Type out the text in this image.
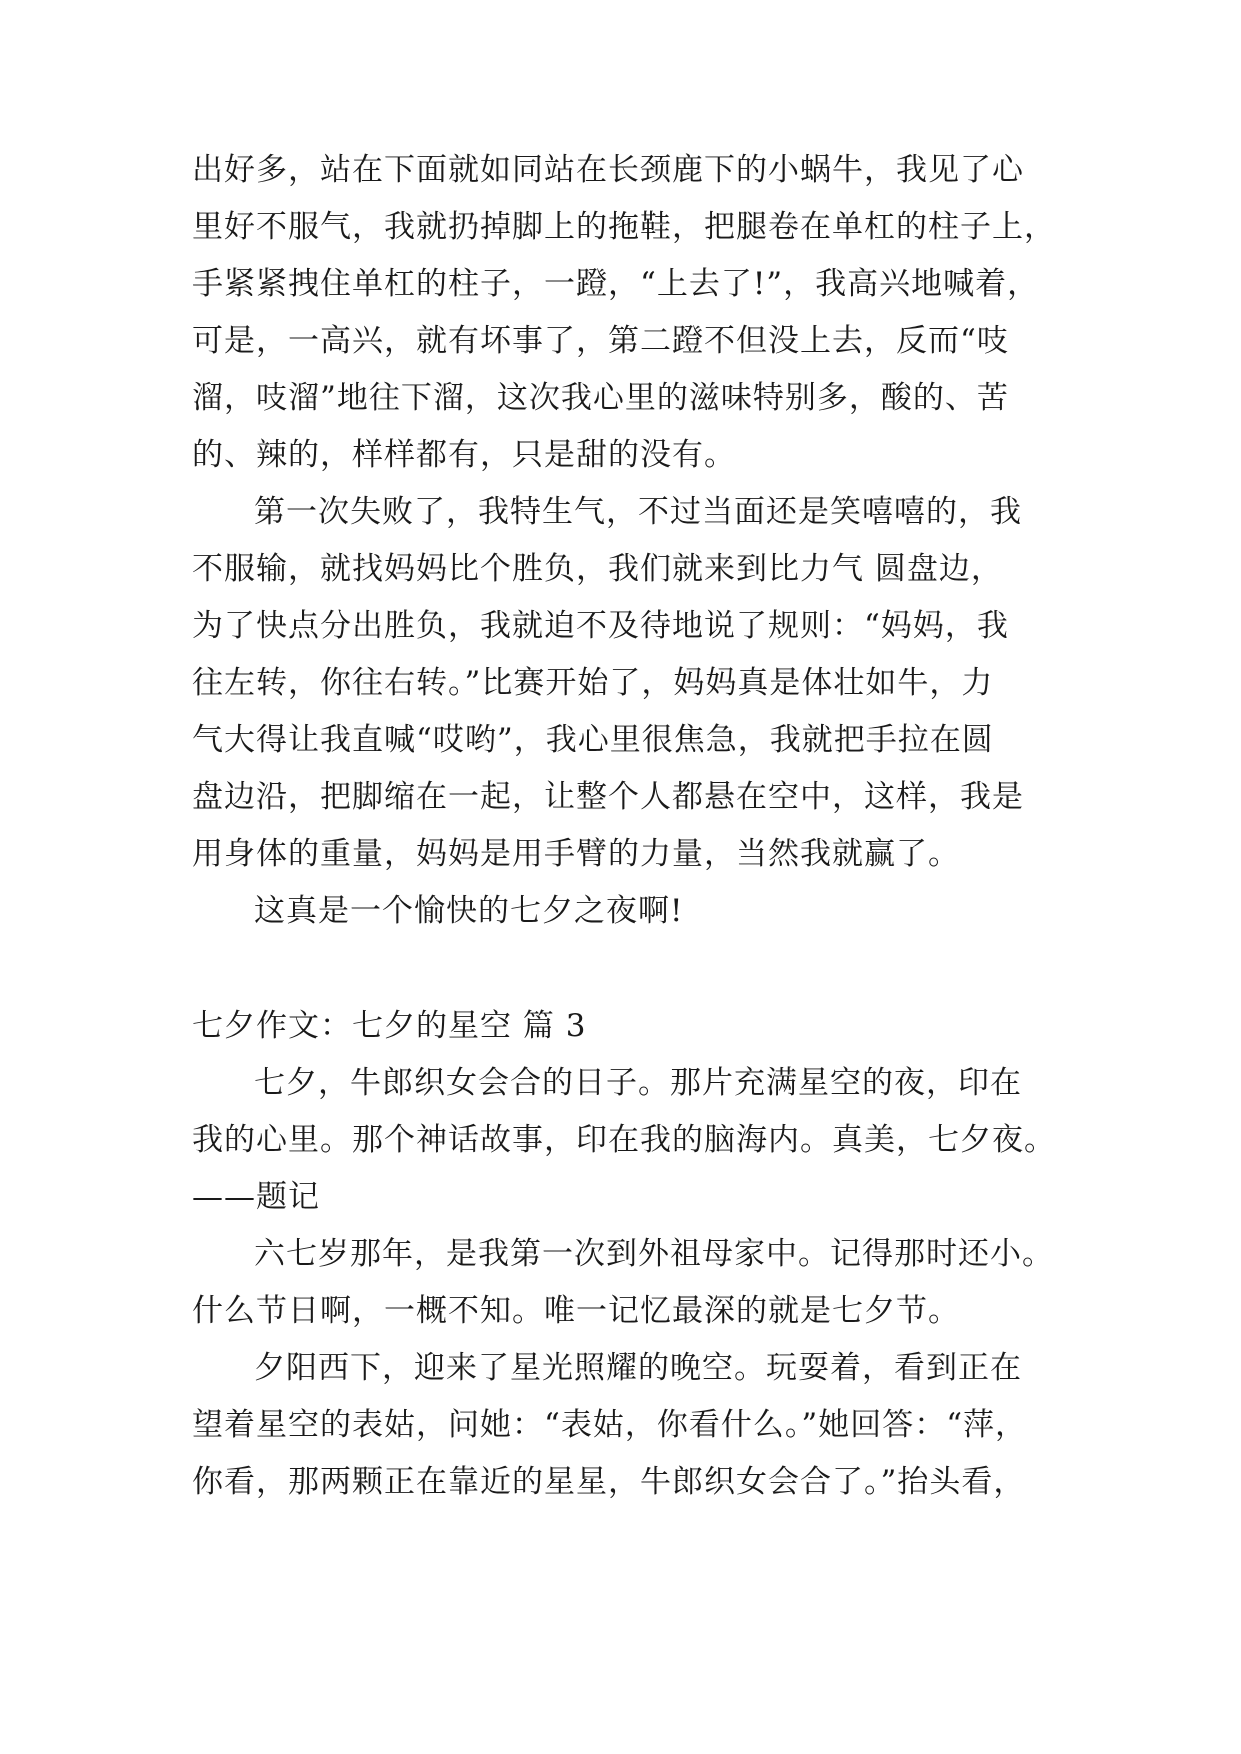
出好多，站在下面就如同站在长颈鹿下的小蜗牛，我见了心
里好不服气，我就扔掉脚上的拖鞋，把腿卷在单杠的柱子上，
手紧紧拽住单杠的柱子，一蹬，“上去了!”，我高兴地喊着，
可是，一高兴，就有坏事了，第二蹬不但没上去，反而“吱
溜，吱溜”地往下溜，这次我心里的滋味特别多，酸的、苦
的、辣的，样样都有，只是甜的没有。
第一次失败了，我特生气，不过当面还是笑嘻嘻的，我
不服输，就找妈妈比个胜负，我们就来到比力气 圆盘边，
为了快点分出胜负，我就迫不及待地说了规则：“妈妈，我
往左转，你往右转。”比赛开始了，妈妈真是体壮如牛，力
气大得让我直喊“哎哟”，我心里很焦急，我就把手拉在圆
盘边沿，把脚缩在一起，让整个人都悬在空中，这样，我是
用身体的重量，妈妈是用手臂的力量，当然我就赢了。
这真是一个愉快的七夕之夜啊!
七夕作文：七夕的星空 篇 3
七夕，牛郎织女会合的日子。那片充满星空的夜，印在
我的心里。那个神话故事，印在我的脑海内。真美，七夕夜。
——题记
六七岁那年，是我第一次到外祖母家中。记得那时还小。
什么节日啊，一概不知。唯一记忆最深的就是七夕节。
夕阳西下，迎来了星光照耀的晚空。玩耍着，看到正在
望着星空的表姑，问她：“表姑，你看什么。”她回答：“萍，
你看，那两颗正在靠近的星星，牛郎织女会合了。”抬头看，
